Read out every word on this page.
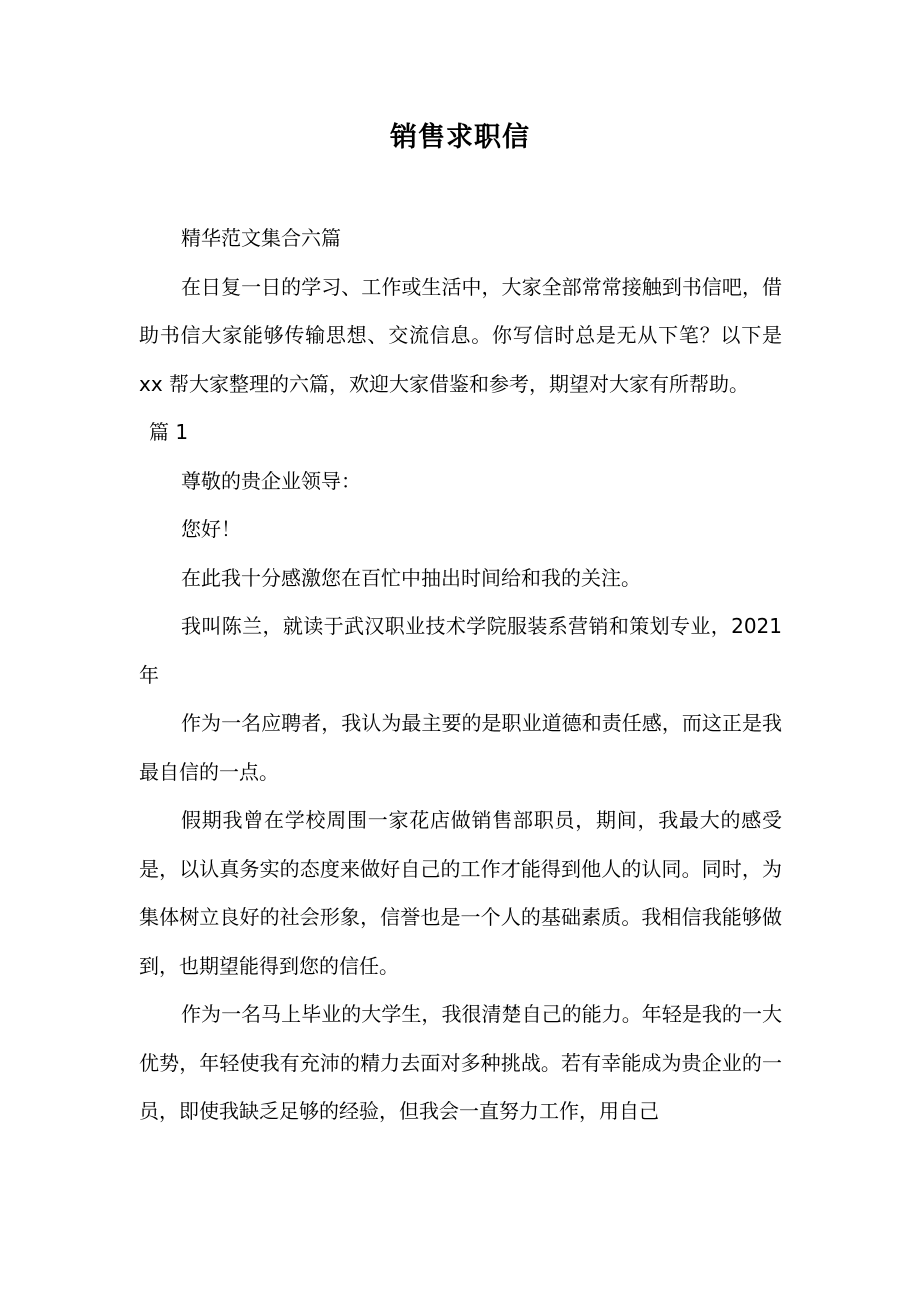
销售求职信

精华范文集合六篇

在日复一日的学习、工作或生活中，大家全部常常接触到书信吧，借助书信大家能够传输思想、交流信息。你写信时总是无从下笔？以下是 xx 帮大家整理的六篇，欢迎大家借鉴和参考，期望对大家有所帮助。

篇 1

尊敬的贵企业领导：

您好！

在此我十分感激您在百忙中抽出时间给和我的关注。

我叫陈兰，就读于武汉职业技术学院服装系营销和策划专业，2021 年

作为一名应聘者，我认为最主要的是职业道德和责任感，而这正是我最自信的一点。

假期我曾在学校周围一家花店做销售部职员，期间，我最大的感受是，以认真务实的态度来做好自己的工作才能得到他人的认同。同时，为集体树立良好的社会形象，信誉也是一个人的基础素质。我相信我能够做到，也期望能得到您的信任。

作为一名马上毕业的大学生，我很清楚自己的能力。年轻是我的一大优势，年轻使我有充沛的精力去面对多种挑战。若有幸能成为贵企业的一员，即使我缺乏足够的经验，但我会一直努力工作，用自己
